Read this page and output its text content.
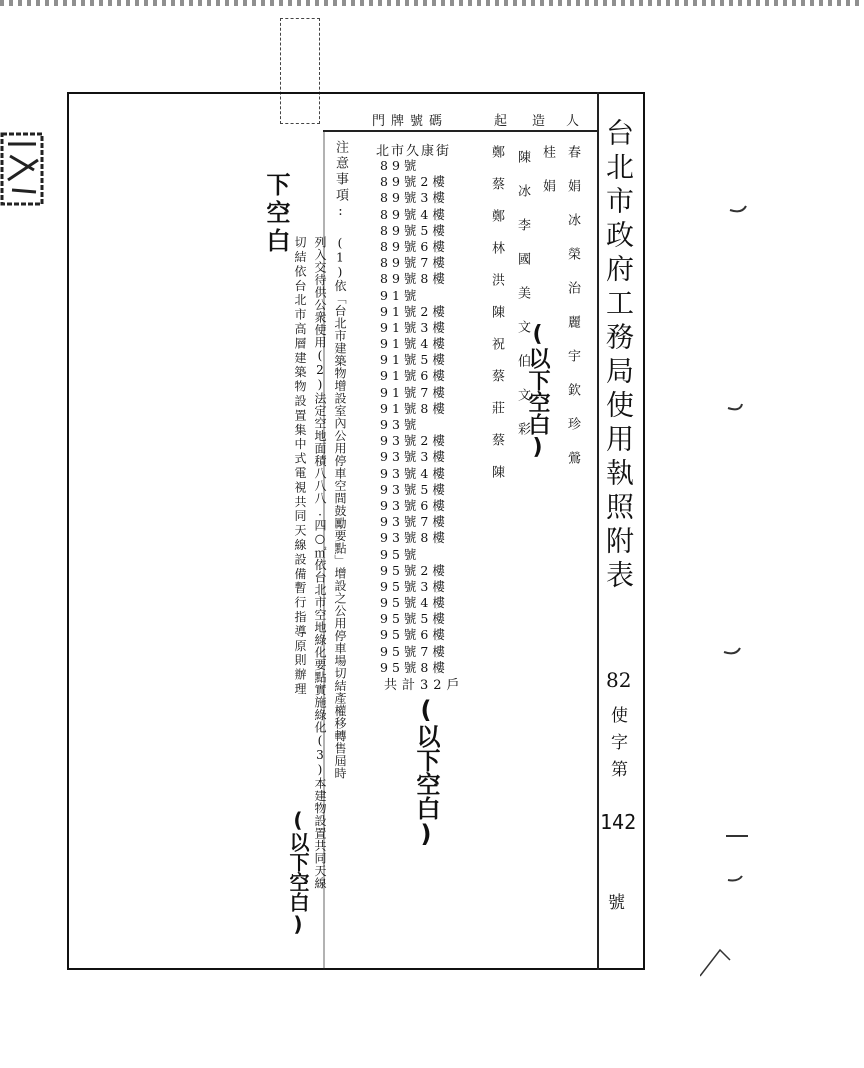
門牌號碼	起 造 人 台北市政府工務局使用執照附表
82
使字第
142
號
春 娟 冰 榮 治 麗 宇 欽 珍 鶯
桂 娟
陳 冰 李 國 美 文 伯 文 彩
鄭 蔡 鄭 林 洪 陳 祝 蔡 莊 蔡 陳 (以下空白)
北市久康街
89號
89號2樓
89號3樓
89號4樓
89號5樓
89號6樓
89號7樓
89號8樓
91號
91號2樓
91號3樓
91號4樓
91號5樓
91號6樓
91號7樓
91號8樓
93號
93號2樓
93號3樓
93號4樓
93號5樓
93號6樓
93號7樓
93號8樓
95號
95號2樓
95號3樓
95號4樓
95號5樓
95號6樓
95號7樓
95號8樓
共計32戶
(以下空白)
注意事項:
(1)依「台北市建築物增設室內公用停車空間鼓勵要點」增設之公用停車場切結產權移轉售屆時
列入交待供公衆使用(2)法定空地面積八八八.四○㎡依台北市空地綠化要點實施綠化(3)本建物設置共同天線
切結依台北市高層建築物設置集中式電視共同天線設備暫行指導原則辦理
(以下空白)
下空白
